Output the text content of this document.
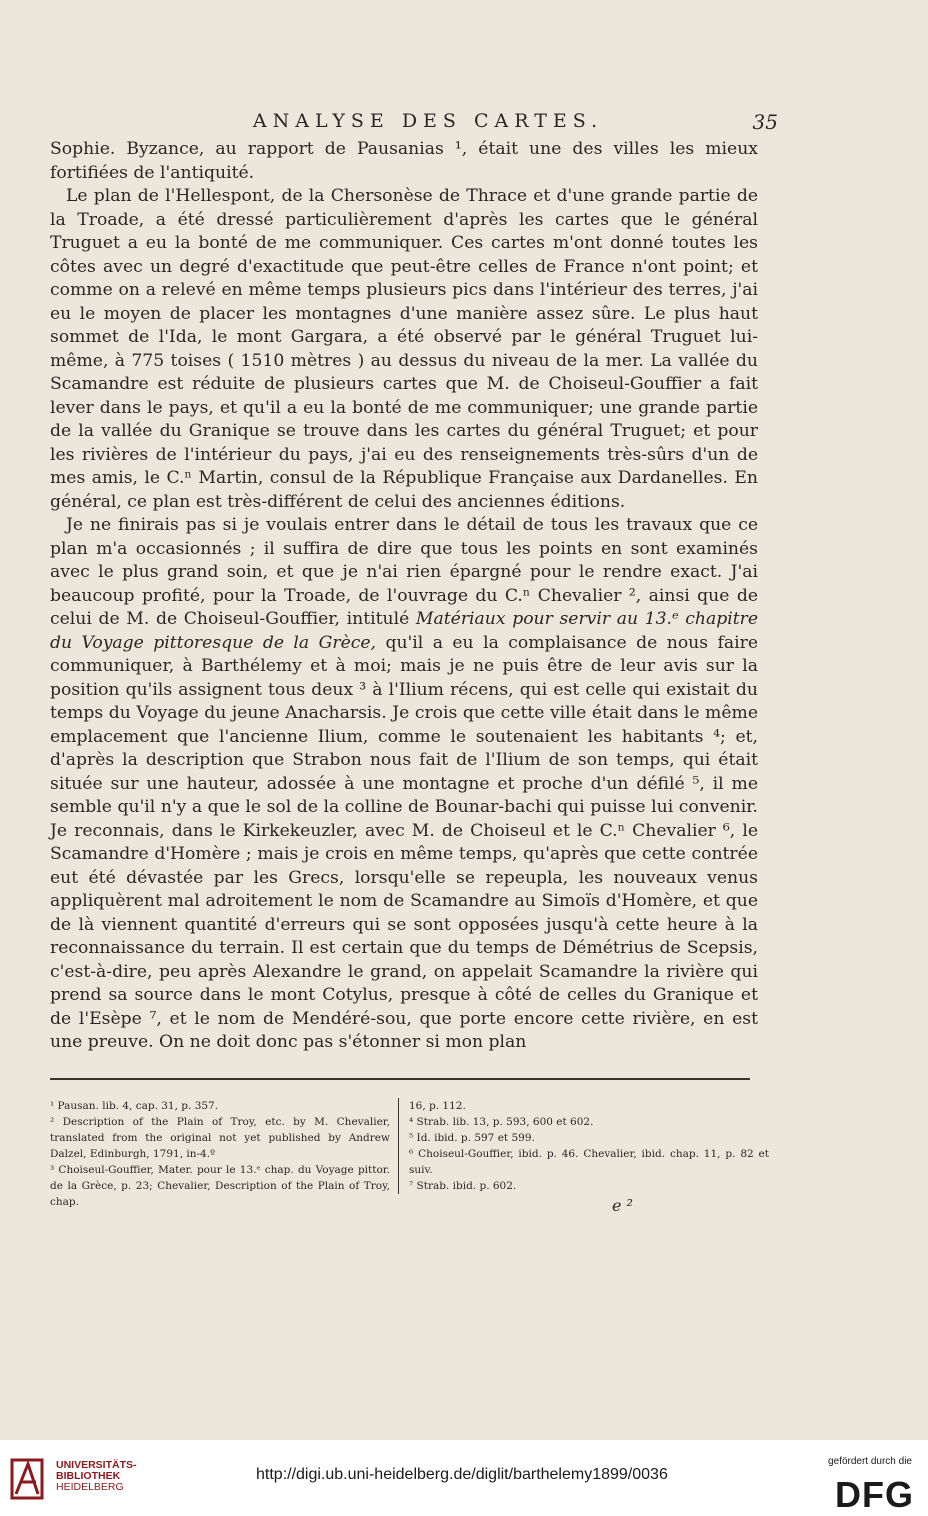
ANALYSE DES CARTES.	35

Sophie. Byzance, au rapport de Pausanias ¹, était une des villes les mieux fortifiées de l'antiquité.

Le plan de l'Hellespont, de la Chersonèse de Thrace et d'une grande partie de la Troade, a été dressé particulièrement d'après les cartes que le général Truguet a eu la bonté de me communiquer. Ces cartes m'ont donné toutes les côtes avec un degré d'exactitude que peut-être celles de France n'ont point; et comme on a relevé en même temps plusieurs pics dans l'intérieur des terres, j'ai eu le moyen de placer les montagnes d'une manière assez sûre. Le plus haut sommet de l'Ida, le mont Gargara, a été observé par le général Truguet lui-même, à 775 toises ( 1510 mètres ) au dessus du niveau de la mer. La vallée du Scamandre est réduite de plusieurs cartes que M. de Choiseul-Gouffier a fait lever dans le pays, et qu'il a eu la bonté de me communiquer; une grande partie de la vallée du Granique se trouve dans les cartes du général Truguet; et pour les rivières de l'intérieur du pays, j'ai eu des renseignements très-sûrs d'un de mes amis, le C.ⁿ Martin, consul de la République Française aux Dardanelles. En général, ce plan est très-différent de celui des anciennes éditions.

Je ne finirais pas si je voulais entrer dans le détail de tous les travaux que ce plan m'a occasionnés ; il suffira de dire que tous les points en sont examinés avec le plus grand soin, et que je n'ai rien épargné pour le rendre exact. J'ai beaucoup profité, pour la Troade, de l'ouvrage du C.ⁿ Chevalier ², ainsi que de celui de M. de Choiseul-Gouffier, intitulé Matériaux pour servir au 13.ᵉ chapitre du Voyage pittoresque de la Grèce, qu'il a eu la complaisance de nous faire communiquer, à Barthélemy et à moi; mais je ne puis être de leur avis sur la position qu'ils assignent tous deux ³ à l'Ilium récens, qui est celle qui existait du temps du Voyage du jeune Anacharsis. Je crois que cette ville était dans le même emplacement que l'ancienne Ilium, comme le soutenaient les habitants ⁴; et, d'après la description que Strabon nous fait de l'Ilium de son temps, qui était située sur une hauteur, adossée à une montagne et proche d'un défilé ⁵, il me semble qu'il n'y a que le sol de la colline de Bounar-bachi qui puisse lui convenir. Je reconnais, dans le Kirkekeuzler, avec M. de Choiseul et le C.ⁿ Chevalier ⁶, le Scamandre d'Homère ; mais je crois en même temps, qu'après que cette contrée eut été dévastée par les Grecs, lorsqu'elle se repeupla, les nouveaux venus appliquèrent mal adroitement le nom de Scamandre au Simoïs d'Homère, et que de là viennent quantité d'erreurs qui se sont opposées jusqu'à cette heure à la reconnaissance du terrain. Il est certain que du temps de Démétrius de Scepsis, c'est-à-dire, peu après Alexandre le grand, on appelait Scamandre la rivière qui prend sa source dans le mont Cotylus, presque à côté de celles du Granique et de l'Esèpe ⁷, et le nom de Mendéré-sou, que porte encore cette rivière, en est une preuve. On ne doit donc pas s'étonner si mon plan

¹ Pausan. lib. 4, cap. 31, p. 357.

² Description of the Plain of Troy, etc. by M. Chevalier, translated from the original not yet published by Andrew Dalzel, Edinburgh, 1791, in-4.º

³ Choiseul-Gouffier, Mater. pour le 13.ᵉ chap. du Voyage pittor. de la Grèce, p. 23; Chevalier, Description of the Plain of Troy, chap.

16, p. 112.

⁴ Strab. lib. 13, p. 593, 600 et 602.

⁵ Id. ibid. p. 597 et 599.

⁶ Choiseul-Gouffier, ibid. p. 46. Chevalier, ibid. chap. 11, p. 82 et suiv.

⁷ Strab. ibid. p. 602.

e ²
UNIVERSITÄTS-
BIBLIOTHEK
HEIDELBERG
http://digi.ub.uni-heidelberg.de/diglit/barthelemy1899/0036
gefördert durch die
DFG
